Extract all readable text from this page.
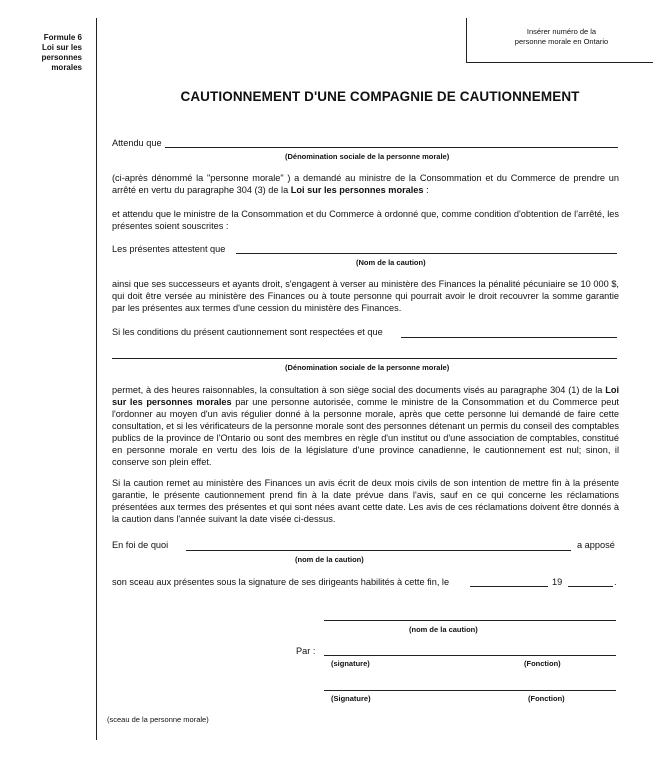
Formule 6
Loi sur les
personnes
morales
Insérer numéro de la
personne morale en Ontario
CAUTIONNEMENT D'UNE COMPAGNIE DE CAUTIONNEMENT
Attendu que
(Dénomination sociale de la personne morale)
(ci-après dénommé la "personne morale" ) a demandé au ministre de la Consommation et du Commerce de prendre un arrêté en vertu du paragraphe 304 (3) de la Loi sur les personnes morales :
et attendu que le ministre de la Consommation et du Commerce à ordonné que, comme condition d'obtention de l'arrêté, les présentes soient souscrites :
Les présentes attestent que
(Nom de la caution)
ainsi que ses successeurs et ayants droit, s'engagent à verser au ministère des Finances la pénalité pécuniaire se 10 000 $, qui doit être versée au ministère des Finances ou à toute personne qui pourrait avoir le droit recouvrer la somme garantie par les présentes aux termes d'une cession du ministère des Finances.
Si les conditions du présent cautionnement sont respectées et que
(Dénomination sociale de la personne morale)
permet, à des heures raisonnables, la consultation à son siège social des documents visés au paragraphe 304 (1) de la Loi sur les personnes morales par une personne autorisée, comme le ministre de la Consommation et du Commerce peut l'ordonner au moyen d'un avis régulier donné à la personne morale, après que cette personne lui demandé de faire cette consultation, et si les vérificateurs de la personne morale sont des personnes détenant un permis du conseil des comptables publics de la province de l'Ontario ou sont des membres en règle d'un institut ou d'une association de comptables, constitué en personne morale en vertu des lois de la législature d'une province canadienne, le cautionnement est nul; sinon, il conserve son plein effet.
Si la caution remet au ministère des Finances un avis écrit de deux mois civils de son intention de mettre fin à la présente garantie, le présente cautionnement prend fin à la date prévue dans l'avis, sauf en ce qui concerne les réclamations présentées aux termes des présentes et qui sont nées avant cette date. Les avis de ces réclamations doivent être donnés à la caution dans l'année suivant la date visée ci-dessus.
En foi de quoi	a apposé
(nom de la caution)
son sceau aux présentes sous la signature de ses dirigeants habilités à cette fin, le	19	.
(nom de la caution)
Par :
(signature)	(Fonction)
(Signature)	(Fonction)
(sceau de la personne morale)
